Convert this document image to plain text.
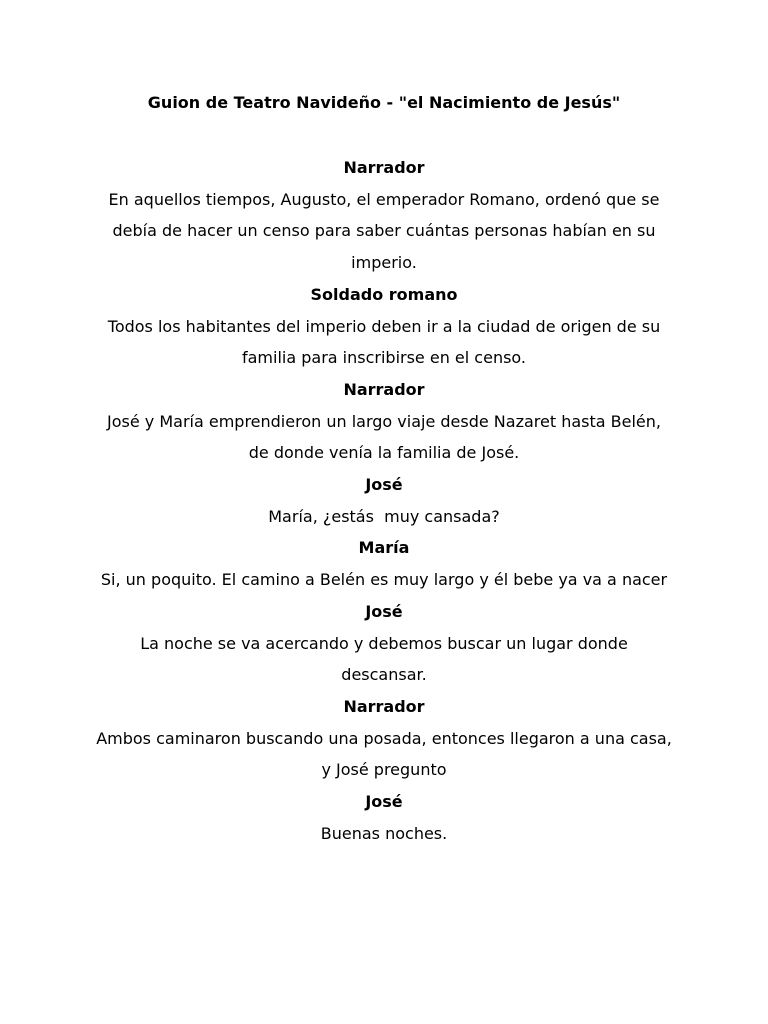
Guion de Teatro Navideño - "el Nacimiento de Jesús"
Narrador
En aquellos tiempos, Augusto, el emperador Romano, ordenó que se debía de hacer un censo para saber cuántas personas habían en su imperio.
Soldado romano
Todos los habitantes del imperio deben ir a la ciudad de origen de su familia para inscribirse en el censo.
Narrador
José y María emprendieron un largo viaje desde Nazaret hasta Belén, de donde venía la familia de José.
José
María, ¿estás  muy cansada?
María
Si, un poquito. El camino a Belén es muy largo y él bebe ya va a nacer
José
La noche se va acercando y debemos buscar un lugar donde descansar.
Narrador
Ambos caminaron buscando una posada, entonces llegaron a una casa, y José pregunto
José
Buenas noches.
